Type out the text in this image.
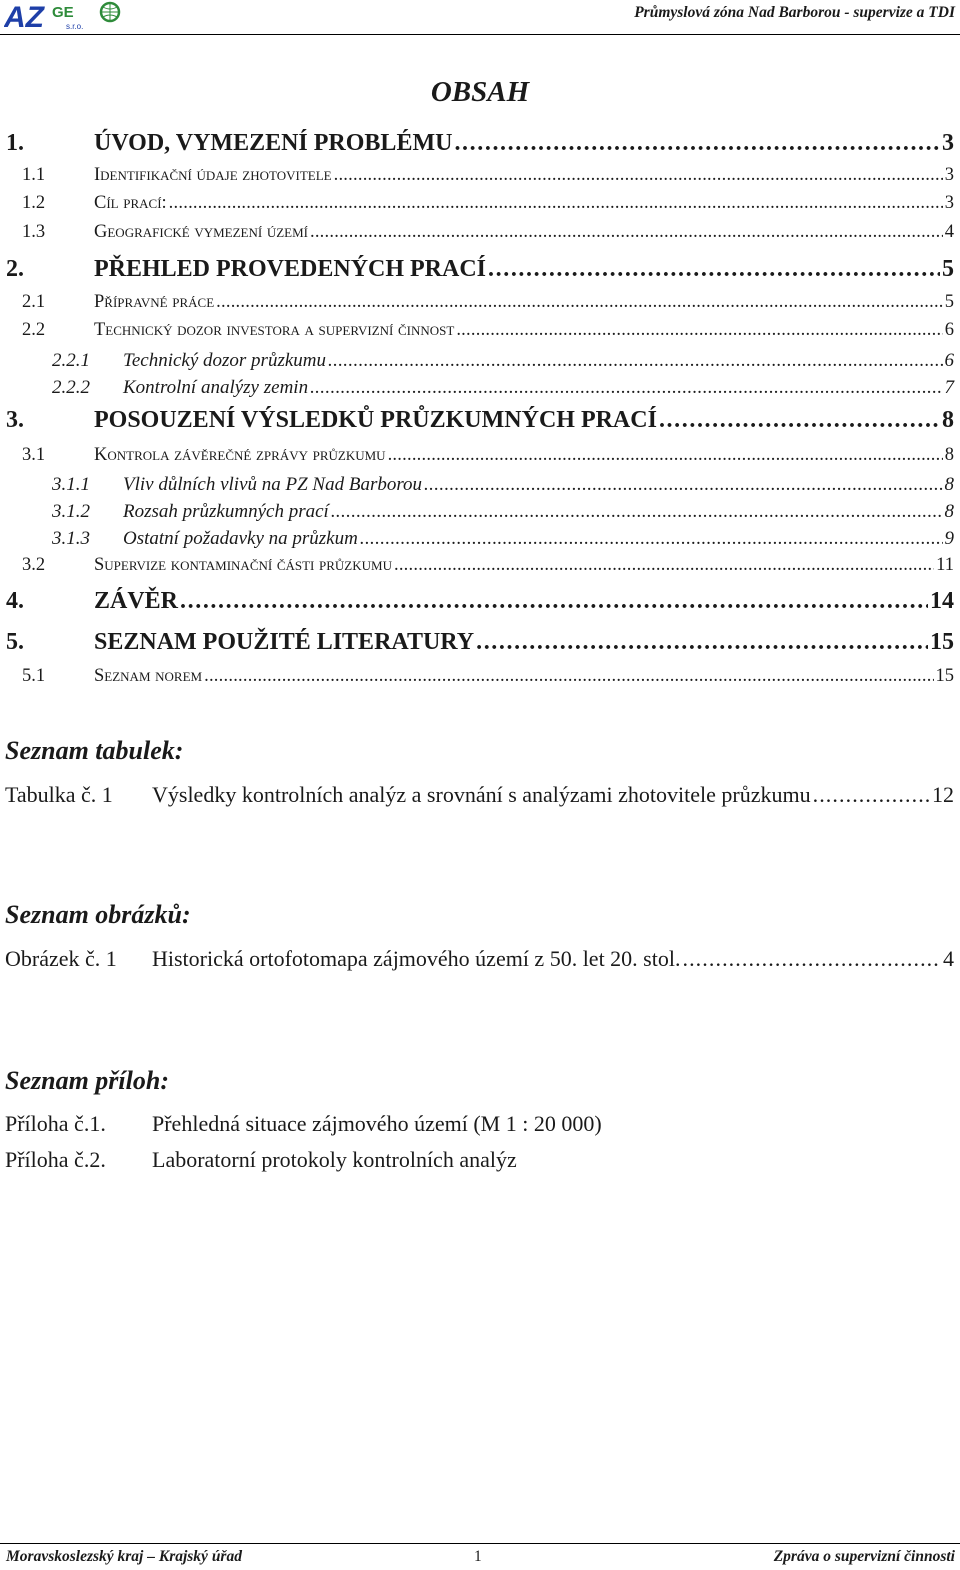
AZ GE
s.r.o.
Průmyslová zóna Nad Barborou - supervize a TDI
OBSAH
1.	ÚVOD, VYMEZENÍ PROBLÉMU . . .	3
1.1	Identifikační údaje zhotovitele . . .	3
1.2	Cíl prací: . . .	3
1.3	Geografické vymezení území . . .	4
2.	PŘEHLED PROVEDENÝCH PRACÍ . . .	5
2.1	Přípravné práce . . .	5
2.2	Technický dozor investora a supervizní činnost . . .	6
2.2.1	Technický dozor průzkumu . . .	6
2.2.2	Kontrolní analýzy zemin . . .	7
3.	POSOUZENÍ VÝSLEDKŮ PRŮZKUMNÝCH PRACÍ . . .	8
3.1	Kontrola závěrečné zprávy průzkumu . . .	8
3.1.1	Vliv důlních vlivů na PZ Nad Barborou . . .	8
3.1.2	Rozsah průzkumných prací . . .	8
3.1.3	Ostatní požadavky na průzkum . . .	9
3.2	Supervize kontaminační části průzkumu . . .	11
4.	ZÁVĚR . . .	14
5.	SEZNAM POUŽITÉ LITERATURY . . .	15
5.1	Seznam norem . . .	15
Seznam tabulek:
Tabulka č. 1	Výsledky kontrolních analýz a srovnání s analýzami zhotovitele průzkumu . . .	12
Seznam obrázků:
Obrázek č. 1	Historická ortofotomapa zájmového území z 50. let 20. stol. . . .	4
Seznam příloh:
Příloha č.1.	Přehledná situace zájmového území (M 1 : 20 000)
Příloha č.2.	Laboratorní protokoly kontrolních analýz
Moravskoslezský kraj – Krajský úřad	1	Zpráva o supervizní činnosti
